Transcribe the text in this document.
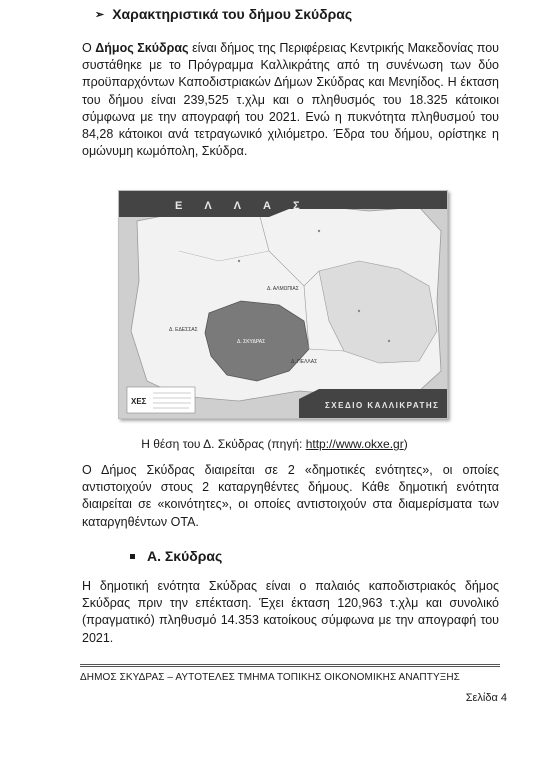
➢ Χαρακτηριστικά του δήμου Σκύδρας

Ο Δήμος Σκύδρας είναι δήμος της Περιφέρειας Κεντρικής Μακεδονίας που συστάθηκε με το Πρόγραμμα Καλλικράτης από τη συνένωση των δύο προϋπαρχόντων Καποδιστριακών Δήμων Σκύδρας και Μενηίδος. Η έκταση του δήμου είναι 239,525 τ.χλμ και ο πληθυσμός του 18.325 κάτοικοι σύμφωνα με την απογραφή του 2021. Ενώ η πυκνότητα πληθυσμού του 84,28 κάτοικοι ανά τετραγωνικό χιλιόμετρο. Έδρα του δήμου, ορίστηκε η ομώνυμη κωμόπολη, Σκύδρα.

ΕΛΛΑΣ
Δ. ΑΛΜΩΠΙΑΣ
Δ. ΣΚΥΔΡΑΣ
Δ. ΕΔΕΣΣΑΣ
Δ. ΠΕΛΛΑΣ
ΧΕΣ	ΣΧΕΔΙΟ ΚΑΛΛΙΚΡΑΤΗΣ
Η θέση του Δ. Σκύδρας (πηγή: http://www.okxe.gr)

Ο Δήμος Σκύδρας διαιρείται σε 2 «δημοτικές ενότητες», οι οποίες αντιστοιχούν στους 2 καταργηθέντες δήμους. Κάθε δημοτική ενότητα διαιρείται σε «κοινότητες», οι οποίες αντιστοιχούν στα διαμερίσματα των καταργηθέντων ΟΤΑ.

Α. Σκύδρας

Η δημοτική ενότητα Σκύδρας είναι ο παλαιός καποδιστριακός δήμος Σκύδρας πριν την επέκταση. Έχει έκταση 120,963 τ.χλμ και συνολικό (πραγματικό) πληθυσμό 14.353 κατοίκους σύμφωνα με την απογραφή του 2021.

ΔΗΜΟΣ ΣΚΥΔΡΑΣ – ΑΥΤΟΤΕΛΕΣ ΤΜΗΜΑ ΤΟΠΙΚΗΣ ΟΙΚΟΝΟΜΙΚΗΣ ΑΝΑΠΤΥΞΗΣ
Σελίδα 4
